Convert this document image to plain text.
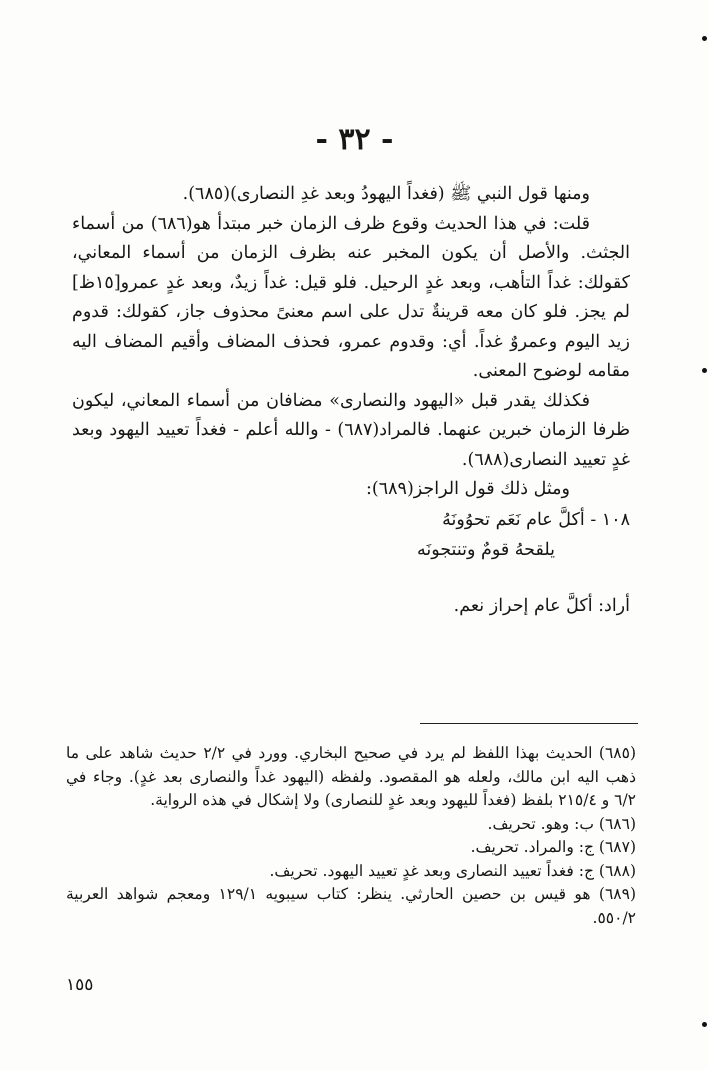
- ٣٢ -

ومنها قول النبي ﷺ (فغداً اليهودُ وبعد غدِ النصارى)(٦٨٥).

قلت: في هذا الحديث وقوع ظرف الزمان خبر مبتدأ هو(٦٨٦) من أسماء الجثث. والأصل أن يكون المخبر عنه بظرف الزمان من أسماء المعاني، كقولك: غداً التأهب، وبعد غدٍ الرحيل. فلو قيل: غداً زيدٌ، وبعد غدٍ عمرو[١٥ظ] لم يجز. فلو كان معه قرينةٌ تدل على اسم معنىً محذوف جاز، كقولك: قدوم زيد اليوم وعمروٌ غداً. أي: وقدوم عمرو، فحذف المضاف وأقيم المضاف اليه مقامه لوضوح المعنى.

فكذلك يقدر قبل «اليهود والنصارى» مضافان من أسماء المعاني، ليكون ظرفا الزمان خبرين عنهما. فالمراد(٦٨٧) - والله أعلم - فغداً تعييد اليهود وبعد غدٍ تعييد النصارى(٦٨٨).

ومثل ذلك قول الراجز(٦٨٩):

١٠٨ - أكلَّ عام نَعَم تحوُونَهُ
يلقحهُ قومٌ وتنتجونَه
أراد: أكلَّ عام إحراز نعم.

(٦٨٥) الحديث بهذا اللفظ لم يرد في صحيح البخاري. وورد في ٢/٢ حديث شاهد على ما ذهب اليه ابن مالك، ولعله هو المقصود. ولفظه (اليهود غداً والنصارى بعد غدٍ). وجاء في ٦/٢ و ٢١٥/٤ بلفظ (فغداً لليهود وبعد غدٍ للنصارى) ولا إشكال في هذه الرواية.

(٦٨٦) ب: وهو. تحريف.

(٦٨٧) ج: والمراد. تحريف.

(٦٨٨) ج: فغداً تعييد النصارى وبعد غدٍ تعييد اليهود. تحريف.

(٦٨٩) هو قيس بن حصين الحارثي. ينظر: كتاب سيبويه ١٢٩/١ ومعجم شواهد العربية ٥٥٠/٢.

١٥٥
